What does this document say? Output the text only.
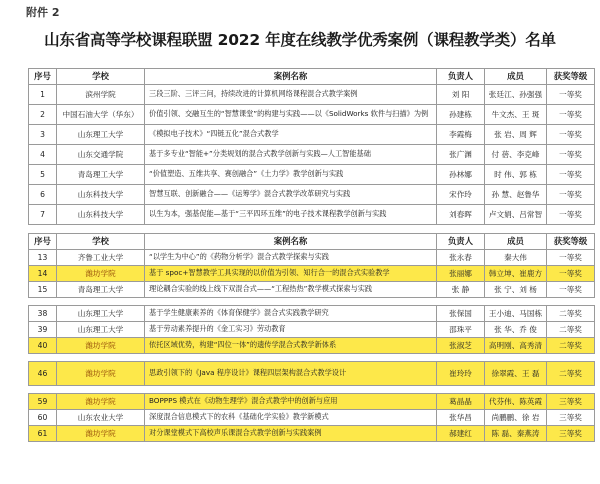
附件 2
山东省高等学校课程联盟 2022 年度在线教学优秀案例（课程教学类）名单
序号	学校	案例名称	负责人	成员	获奖等级
1	滨州学院	三段三阶、三评三问，持续改进的计算机网络课程混合式教学案例	刘 阳	张廷江、孙强强	一等奖
2	中国石油大学（华东）	价值引领、交融互生的“智慧课堂”的构建与实践——以《SolidWorks 软件与扫描》为例	孙建栋	牛文杰、王 斑	一等奖
3	山东理工大学	《模拟电子技术》“四链五化”混合式教学	李霞梅	张 岩、周 辉	一等奖
4	山东交通学院	基于多专业“智能+”分类规划的混合式教学创新与实践—人工智能基础	张广渊	付 蓓、李克峰	一等奖
5	青岛理工大学	“价值塑造、五维共享、赛创融合”《土力学》教学创新与实践	孙林娜	时 伟、郭 栋	一等奖
6	山东科技大学	智慧互联、创新融合——《运筹学》混合式教学改革研究与实践	宋作玲	孙 慧、赵鲁华	一等奖
7	山东科技大学	以生为本，强基促能—基于“三平四环五维”的电子技术课程教学创新与实践	刘春晖	卢文娟、吕常智	一等奖
序号	学校	案例名称	负责人	成员	获奖等级
13	齐鲁工业大学	“以学生为中心”的《药物分析学》混合式教学探索与实践	张永春	秦大伟	一等奖
14	潍坊学院	基于 spoc+智慧教学工具实现的以价值为引领、知行合一的混合式实验教学	张丽娜	韩立坤、崔鹿方	一等奖
15	青岛理工大学	理论耦合实验的线上线下双混合式——“工程热热”教学模式探索与实践	张 静	张 宁、刘 杨	一等奖

38	山东理工大学	基于学生健康素养的《体育保健学》混合式实践教学研究	张保国	王小迪、马国栋	二等奖
39	山东理工大学	基于劳动素养提升的《金工实习》劳动教育	邵珠平	张 华、乔 俊	二等奖
40	潍坊学院	依托区域优势，构建“四位一体”的遗传学混合式教学新体系	张淑芝	高明刚、高秀清	二等奖

46	潍坊学院	思政引领下的《Java 程序设计》课程四层架构混合式教学设计	崔玲玲	徐翠霞、王 磊	二等奖

59	潍坊学院	BOPPPS 模式在《动物生理学》混合式教学中的创新与应用	葛晶晶	代芬伟、陈英霞	三等奖
60	山东农业大学	深度混合信息模式下的农科《基础化学实验》教学新模式	张华昌	尚鹏鹏、徐 岩	三等奖
61	潍坊学院	对分课堂模式下高校声乐课混合式教学创新与实践案例	郝建红	陈 磊、秦燕涛	三等奖
